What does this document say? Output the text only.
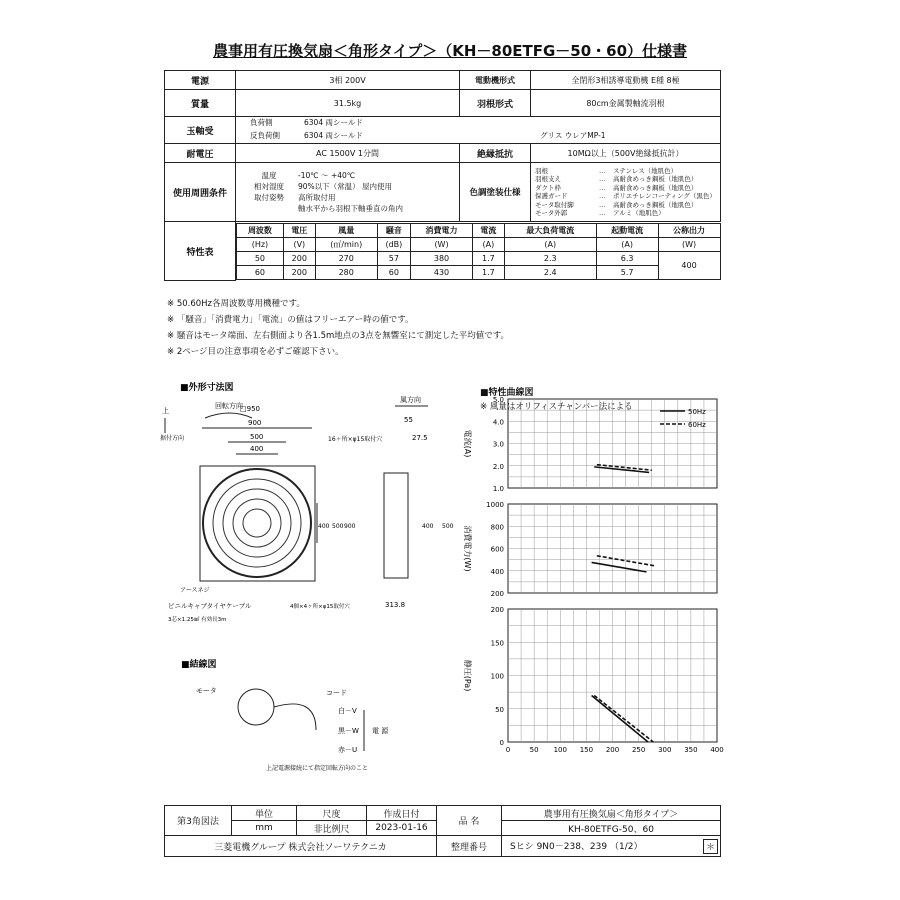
農事用有圧換気扇＜角形タイプ＞（KH－80ETFG－50・60）仕様書
電源	3相 200V	電動機形式	全閉形3相誘導電動機 E種 8極
質量	31.5kg	羽根形式	80cm金属製軸流羽根
玉軸受	
負荷側	6304 両シールド
反負荷側	6304 両シールド	グリス ウレアMP-1

耐電圧	AC 1500V 1分間	絶縁抵抗	10MΩ以上（500V絶縁抵抗計）
使用周囲条件	
温度	-10℃ ～ +40℃
相対湿度 90%以下（常温） 屋内使用
取付姿勢 高所取付用
軸水平から羽根下軸垂直の角内
	色調塗装仕様	
羽根	… ステンレス（地肌色）
羽根支え	… 高耐食めっき鋼板（地肌色）
ダクト枠	… 高耐食めっき鋼板（地肌色）
保護ガード	… ポリエチレンコーティング（黒色）
モータ取付脚	… 高耐食めっき鋼板（地肌色）
モータ外郭	… アルミ（地肌色）

特性表	
周波数	電圧	風量	騒音	消費電力	電流	最大負荷電流	起動電流	公称出力
(Hz)	(V)	(㎥/min)	(dB)	(W)	(A)	(A)	(A)	(W)
50	200	270	57	380	1.7	2.3	6.3	400
60	200	280	60	430	1.7	2.4	5.7
※ 50.60Hz各周波数専用機種です。
※ 「騒音」「消費電力」「電流」の値はフリーエアー時の値です。
※ 騒音はモータ端面、左右側面より各1.5m地点の3点を無響室にて測定した平均値です。
※ 2ページ目の注意事項を必ずご確認下さい。
■外形寸法図
上
据付方向
回転方向
風方向
□950
900
500
400
16ヶ所×φ15取付穴
400 500 900
55
27.5
400 500
アースネジ
ビニルキャブタイヤケーブル
3芯×1.25㎟ 有効長3m
4個×4ヶ所×φ15取付穴	313.8
■結線図
モータ	コード
白－V
黒－W
赤－U
電 源
上記電源接続にて指定回転方向のこと
■特性曲線図
※ 風量はオリフィスチャンバー法による
5.0
4.0
3.0
2.0
1.0
電流(A)
1000
800
600
400
200
消費電力(W)
200
150
100
50
0
静圧(Pa)
0	50 100 150 200 250 300 350 400
50Hz
60Hz
第3角図法	単位	尺度	作成日付	品 名	農事用有圧換気扇＜角形タイプ＞
	mm	非比例尺	2023-01-16		KH-80ETFG-50、60
三菱電機グループ 株式会社ソーワテクニカ				整理番号	Sヒシ 9N0－238、239 （1/2） ＊
